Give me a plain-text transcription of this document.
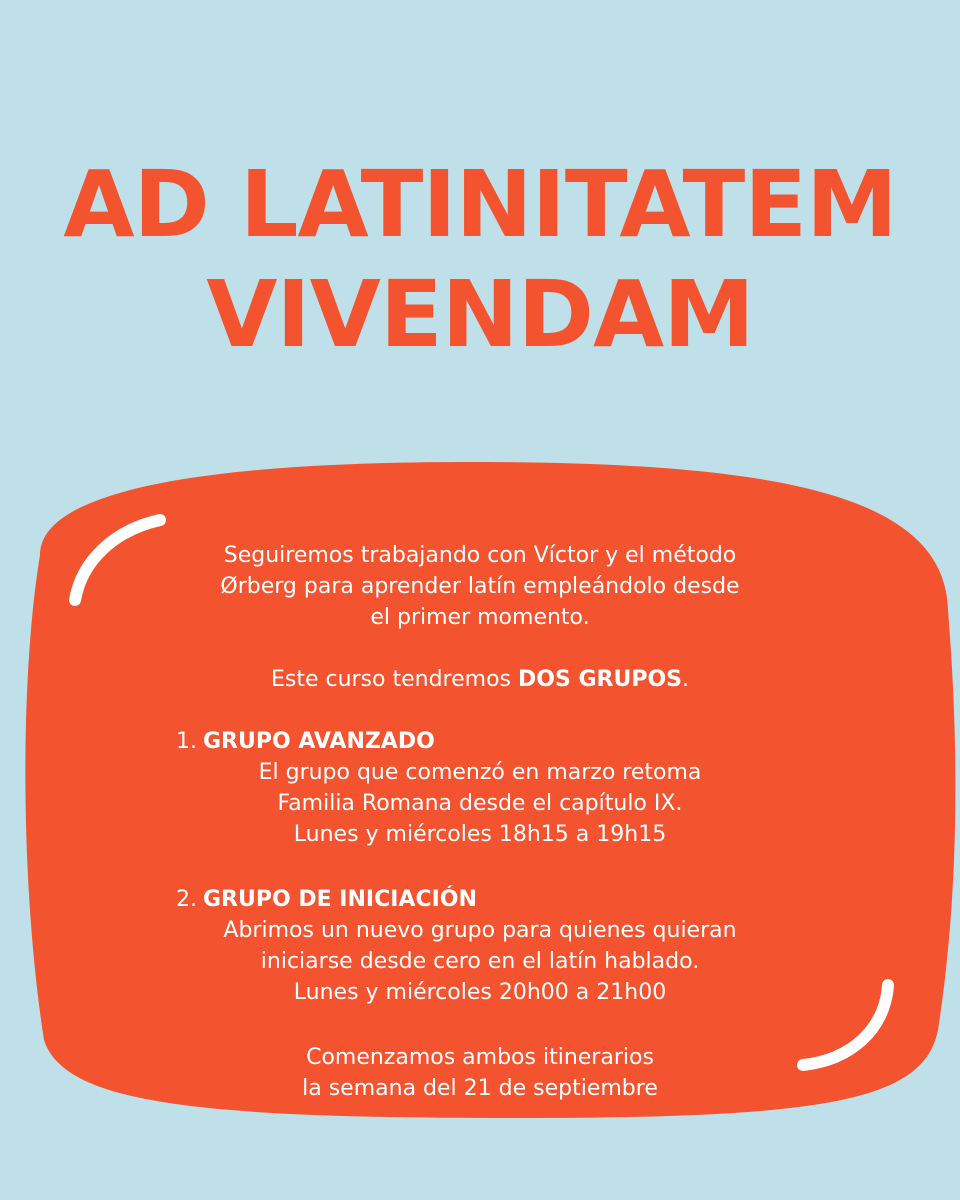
AD LATINITATEM
VIVENDAM

Seguiremos trabajando con Víctor y el método

Ørberg para aprender latín empleándolo desde

el primer momento.

Este curso tendremos DOS GRUPOS.

1. GRUPO AVANZADO

El grupo que comenzó en marzo retoma

Familia Romana desde el capítulo IX.

Lunes y miércoles 18h15 a 19h15

2. GRUPO DE INICIACIÓN

Abrimos un nuevo grupo para quienes quieran

iniciarse desde cero en el latín hablado.

Lunes y miércoles 20h00 a 21h00

Comenzamos ambos itinerarios

la semana del 21 de septiembre
